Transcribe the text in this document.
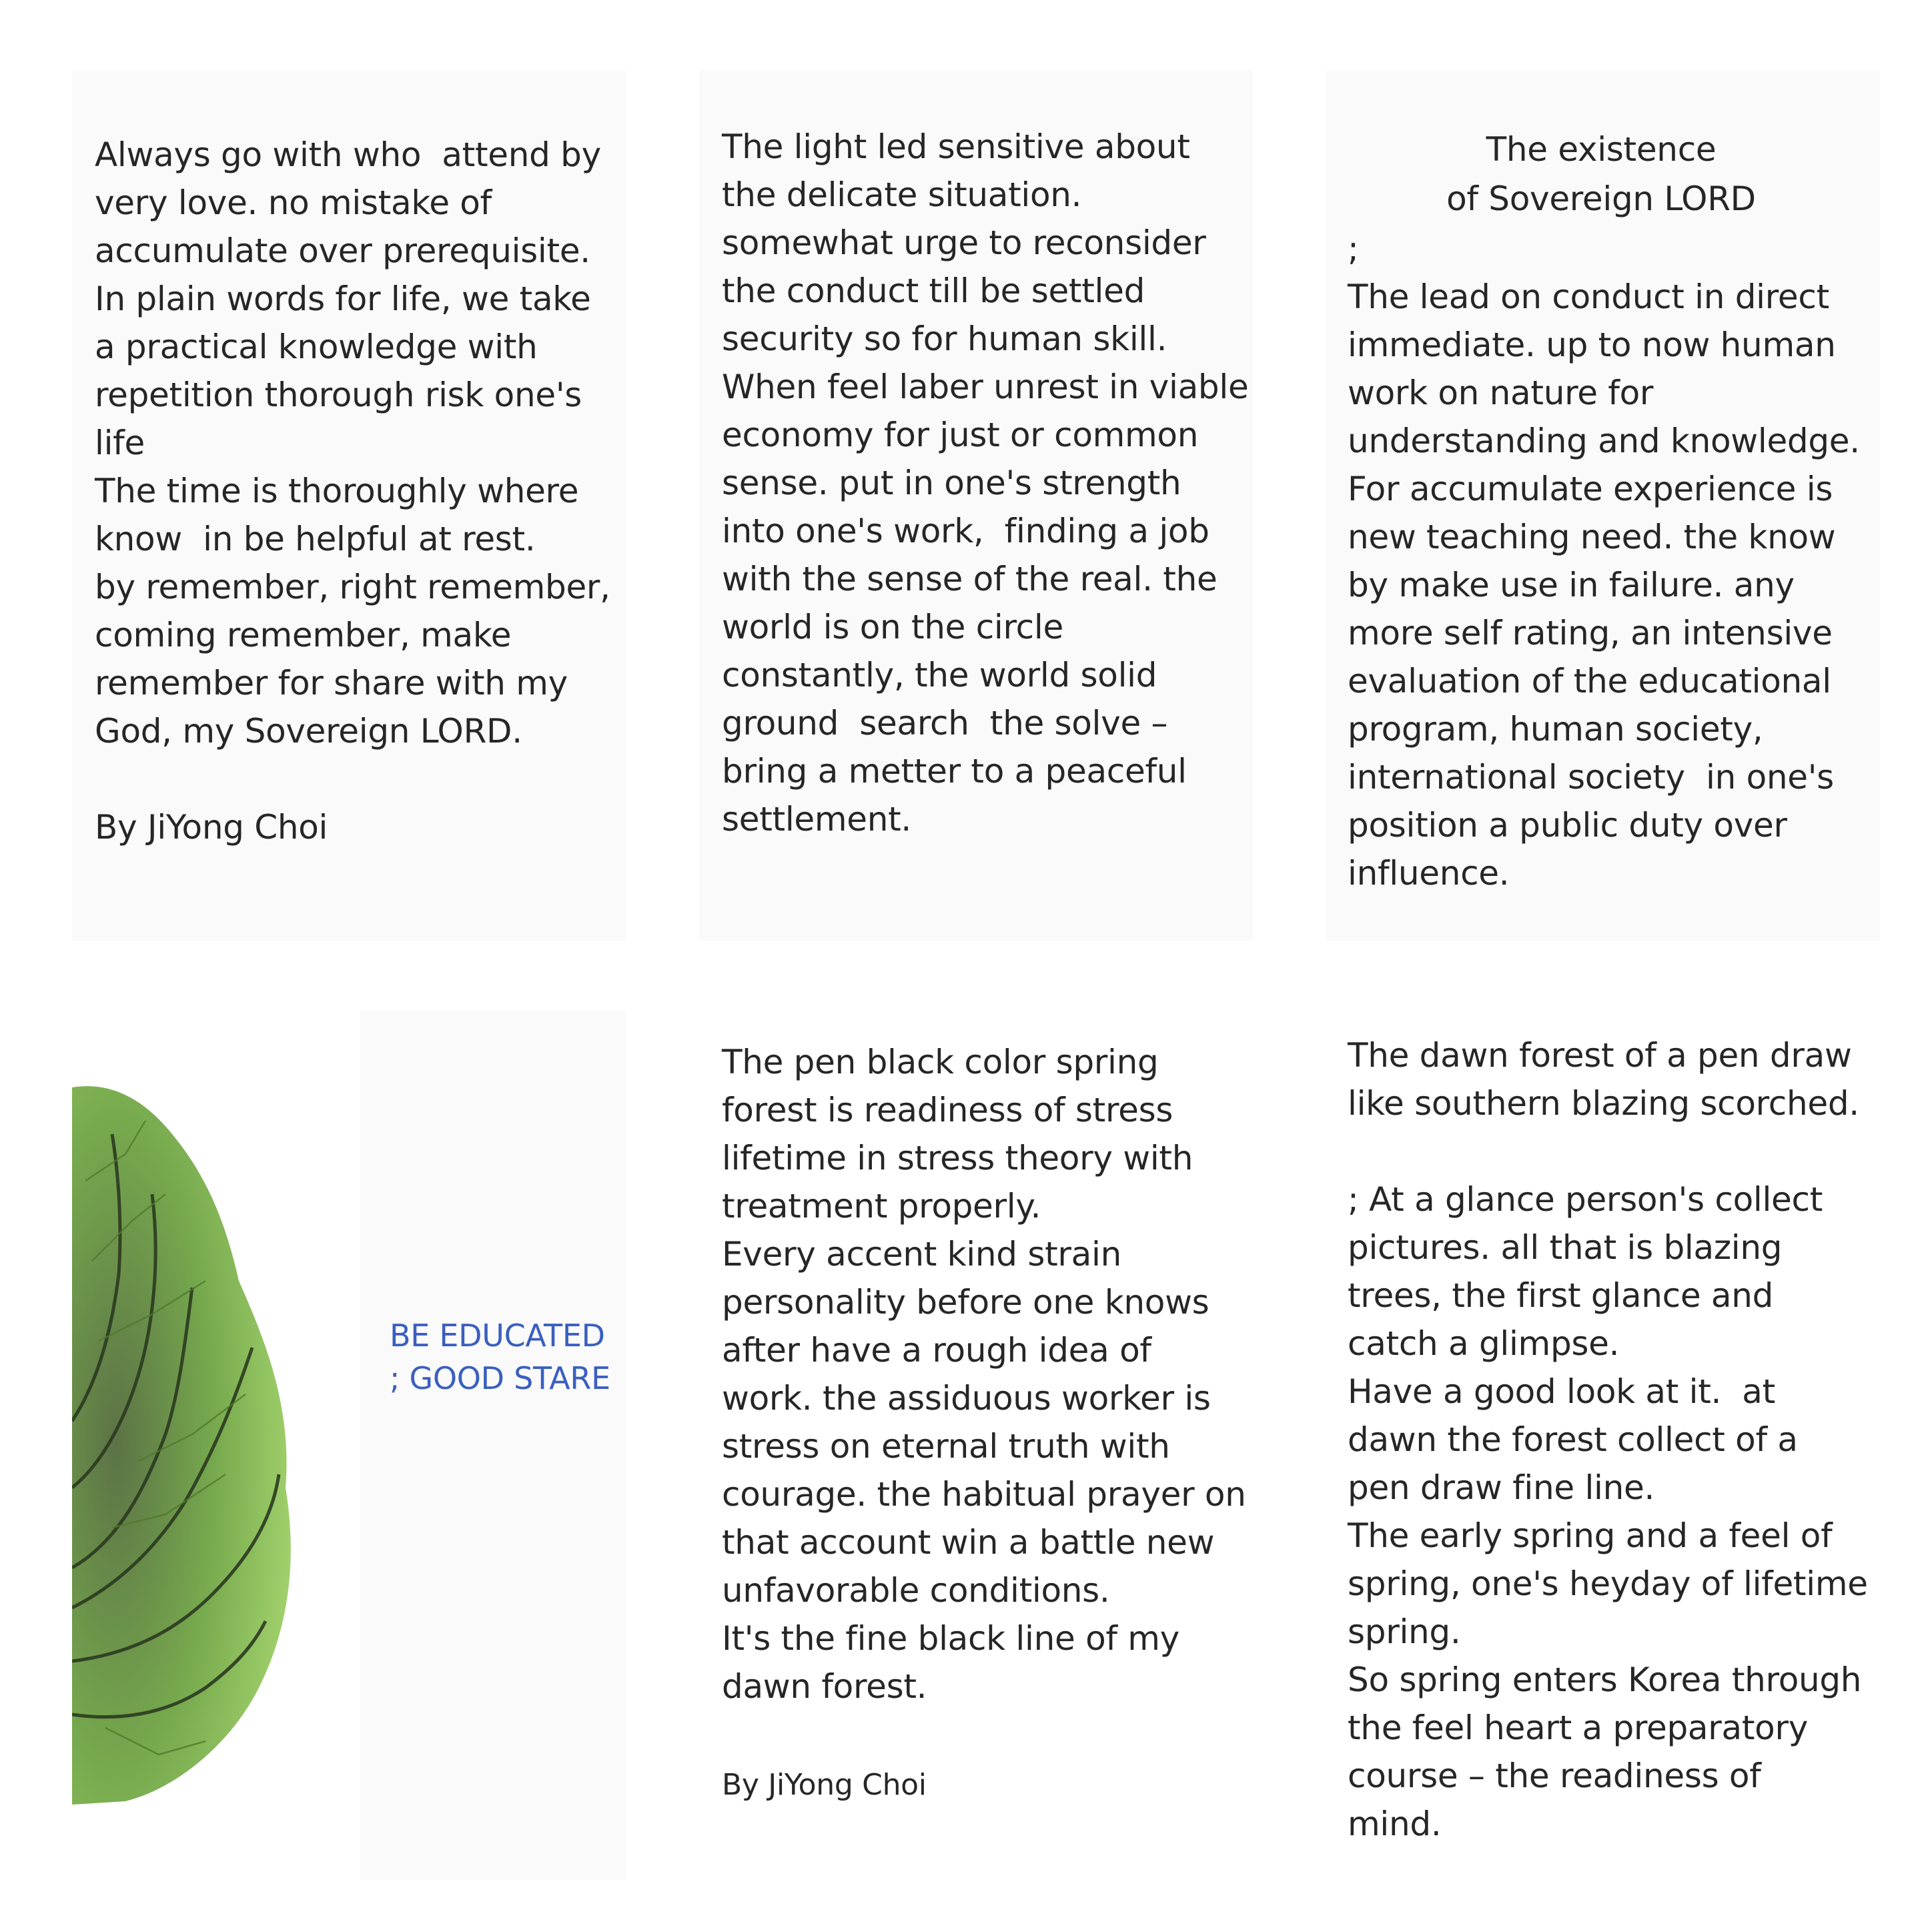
Always go with who  attend by
very love. no mistake of
accumulate over prerequisite.
In plain words for life, we take
a practical knowledge with
repetition thorough risk one's
life
The time is thoroughly where
know  in be helpful at rest.
by remember, right remember,
coming remember, make
remember for share with my
God, my Sovereign LORD.
By JiYong Choi
The light led sensitive about
the delicate situation.
somewhat urge to reconsider
the conduct till be settled
security so for human skill.
When feel laber unrest in viable
economy for just or common
sense. put in one's strength
into one's work,  finding a job
with the sense of the real. the
world is on the circle
constantly, the world solid
ground  search  the solve –
bring a metter to a peaceful
settlement.
The existence
of Sovereign LORD
;
The lead on conduct in direct
immediate. up to now human
work on nature for
understanding and knowledge.
For accumulate experience is
new teaching need. the know
by make use in failure. any
more self rating, an intensive
evaluation of the educational
program, human society,
international society  in one's
position a public duty over
influence.
BE EDUCATED
; GOOD STARE
The pen black color spring
forest is readiness of stress
lifetime in stress theory with
treatment properly.
Every accent kind strain
personality before one knows
after have a rough idea of
work. the assiduous worker is
stress on eternal truth with
courage. the habitual prayer on
that account win a battle new
unfavorable conditions.
It's the fine black line of my
dawn forest.
By JiYong Choi
The dawn forest of a pen draw
like southern blazing scorched.

; At a glance person's collect
pictures. all that is blazing
trees, the first glance and
catch a glimpse.
Have a good look at it.  at
dawn the forest collect of a
pen draw fine line.
The early spring and a feel of
spring, one's heyday of lifetime
spring.
So spring enters Korea through
the feel heart a preparatory
course – the readiness of
mind.
